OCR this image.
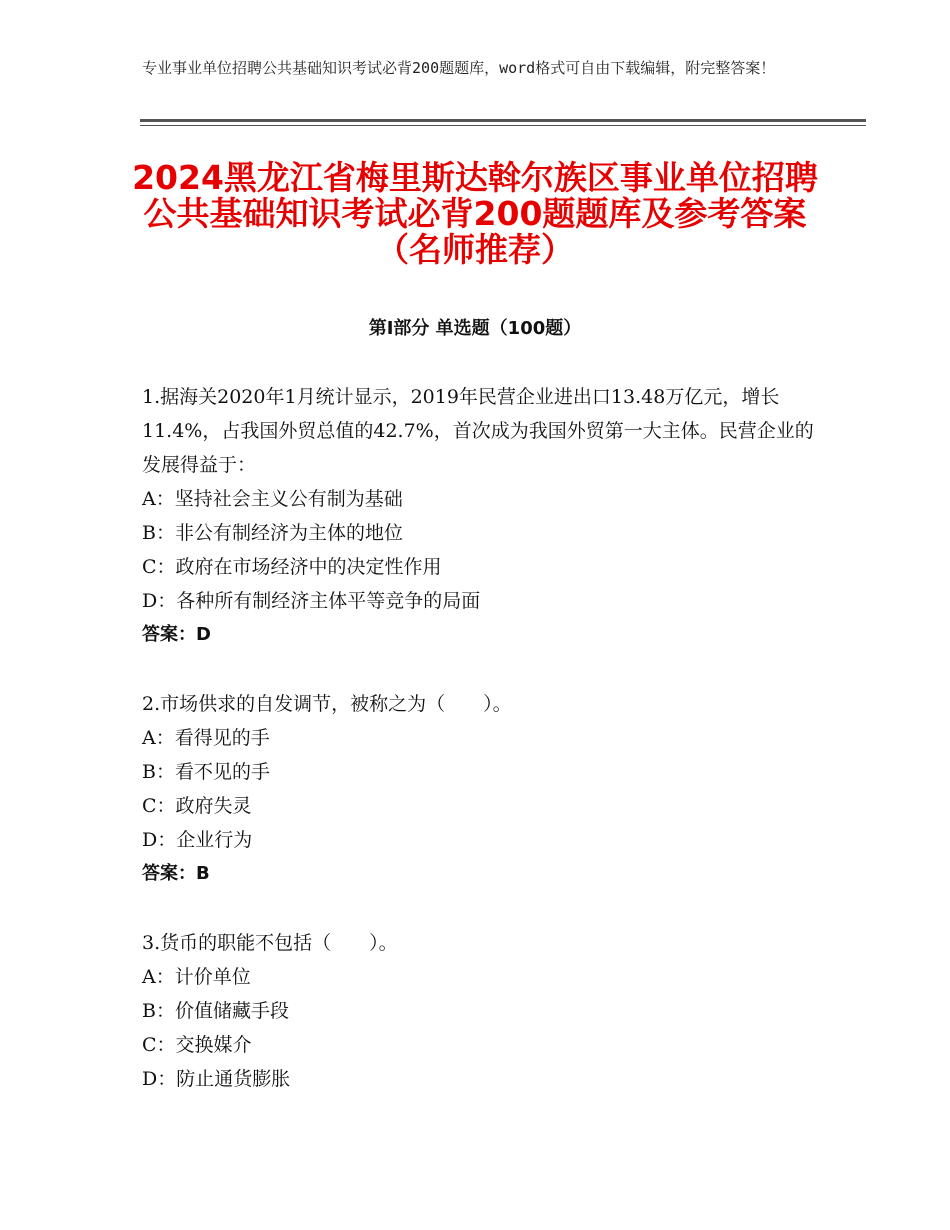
专业事业单位招聘公共基础知识考试必背200题题库，word格式可自由下载编辑，附完整答案！
2024黑龙江省梅里斯达斡尔族区事业单位招聘公共基础知识考试必背200题题库及参考答案（名师推荐）
第Ⅰ部分 单选题（100题）

1.据海关2020年1月统计显示，2019年民营企业进出口13.48万亿元，增长11.4%，占我国外贸总值的42.7%，首次成为我国外贸第一大主体。民营企业的发展得益于：

A：坚持社会主义公有制为基础

B：非公有制经济为主体的地位

C：政府在市场经济中的决定性作用

D：各种所有制经济主体平等竞争的局面

答案：D

2.市场供求的自发调节，被称之为（　　）。

A：看得见的手

B：看不见的手

C：政府失灵

D：企业行为

答案：B

3.货币的职能不包括（　　）。

A：计价单位

B：价值储藏手段

C：交换媒介

D：防止通货膨胀
